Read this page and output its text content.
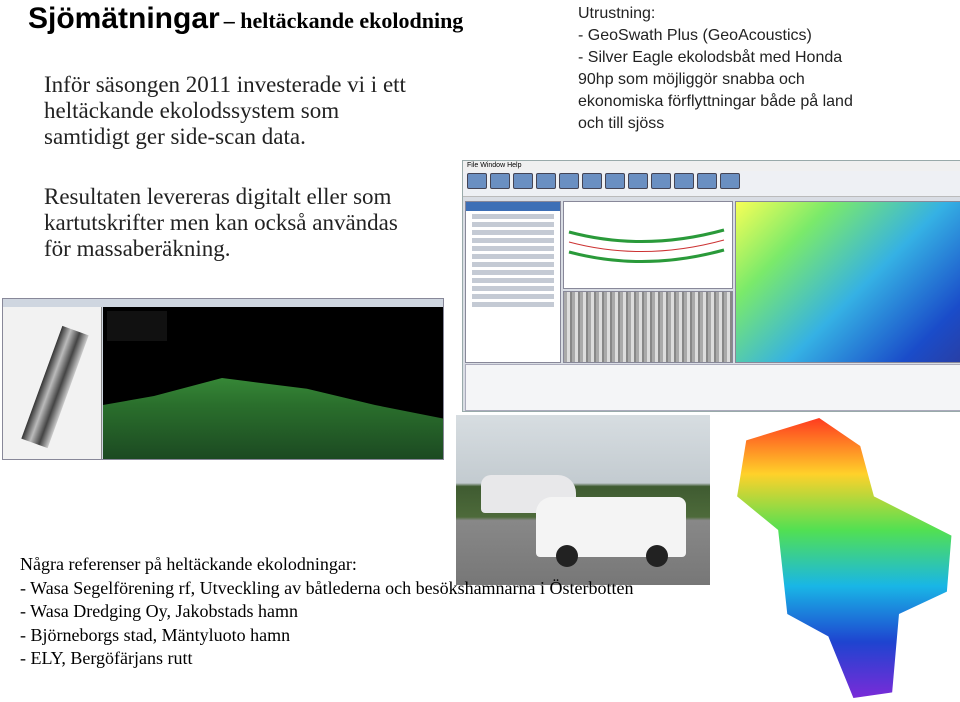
Sjömätningar – heltäckande ekolodning
Inför säsongen 2011 investerade vi i ett
heltäckande ekolodssystem som
samtidigt ger side-scan data.
Resultaten levereras digitalt eller som
kartutskrifter men kan också användas
för massaberäkning.
Utrustning:
- GeoSwath Plus (GeoAcoustics)
- Silver Eagle ekolodsbåt med Honda
90hp som möjliggör snabba och
ekonomiska förflyttningar både på land
och till sjöss
File Window Help
Några referenser på heltäckande ekolodningar:
- Wasa Segelförening rf, Utveckling av båtlederna och besökshamnarna i Österbotten
- Wasa Dredging Oy, Jakobstads hamn
- Björneborgs stad, Mäntyluoto hamn
- ELY, Bergöfärjans rutt
